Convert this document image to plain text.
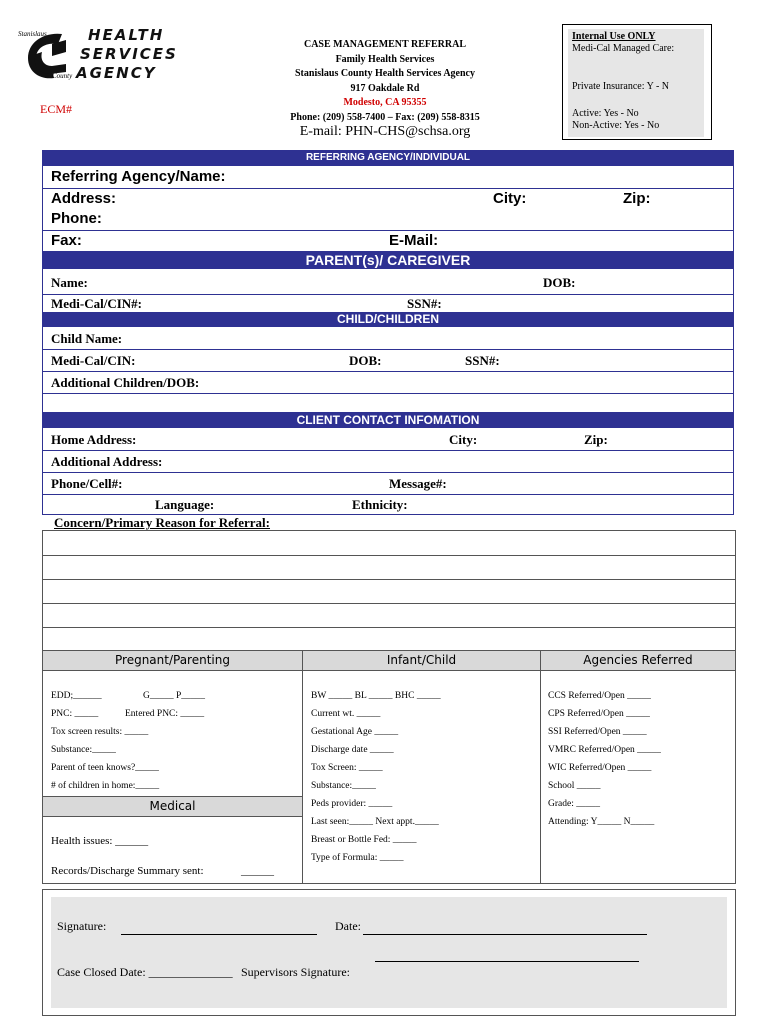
Stanislaus
County
HEALTH
SERVICES
AGENCY
ECM#
CASE MANAGEMENT REFERRAL
Family Health Services
Stanislaus County Health Services Agency
917 Oakdale Rd
Modesto, CA 95355
Phone: (209) 558-7400 – Fax: (209) 558-8315
E-mail: PHN-CHS@schsa.org
Internal Use ONLY
Medi-Cal Managed Care:
Private Insurance: Y - N
Active: Yes - No
Non-Active: Yes - No
REFERRING AGENCY/INDIVIDUAL
Referring Agency/Name:
Address:	City:	Zip:
Phone:
Fax:	E-Mail:
PARENT(s)/ CAREGIVER
Name:	DOB:
Medi-Cal/CIN#:	SSN#:
CHILD/CHILDREN
Child Name:
Medi-Cal/CIN:	DOB:	SSN#:
Additional Children/DOB:
CLIENT CONTACT INFOMATION
Home Address:	City:	Zip:
Additional Address:
Phone/Cell#:	Message#:
Language:	Ethnicity:
Concern/Primary Reason for Referral:
Pregnant/Parenting	Infant/Child	Agencies Referred
EDD;______	G_____ P_____
PNC: _____	Entered PNC: _____
Tox screen results: _____
Substance:_____
Parent of teen knows?_____
# of children in home:_____
Medical
Health issues: ______
Records/Discharge Summary sent:	______
BW _____ BL _____ BHC _____
Current wt. _____
Gestational Age _____
Discharge date _____
Tox Screen: _____
Substance:_____
Peds provider: _____
Last seen:_____ Next appt._____
Breast or Bottle Fed: _____
Type of Formula: _____
CCS Referred/Open _____
CPS Referred/Open _____
SSI Referred/Open _____
VMRC Referred/Open _____
WIC Referred/Open _____
School _____
Grade: _____
Attending: Y_____ N_____
Signature:	Date:
Case Closed Date: ______________ Supervisors Signature:
